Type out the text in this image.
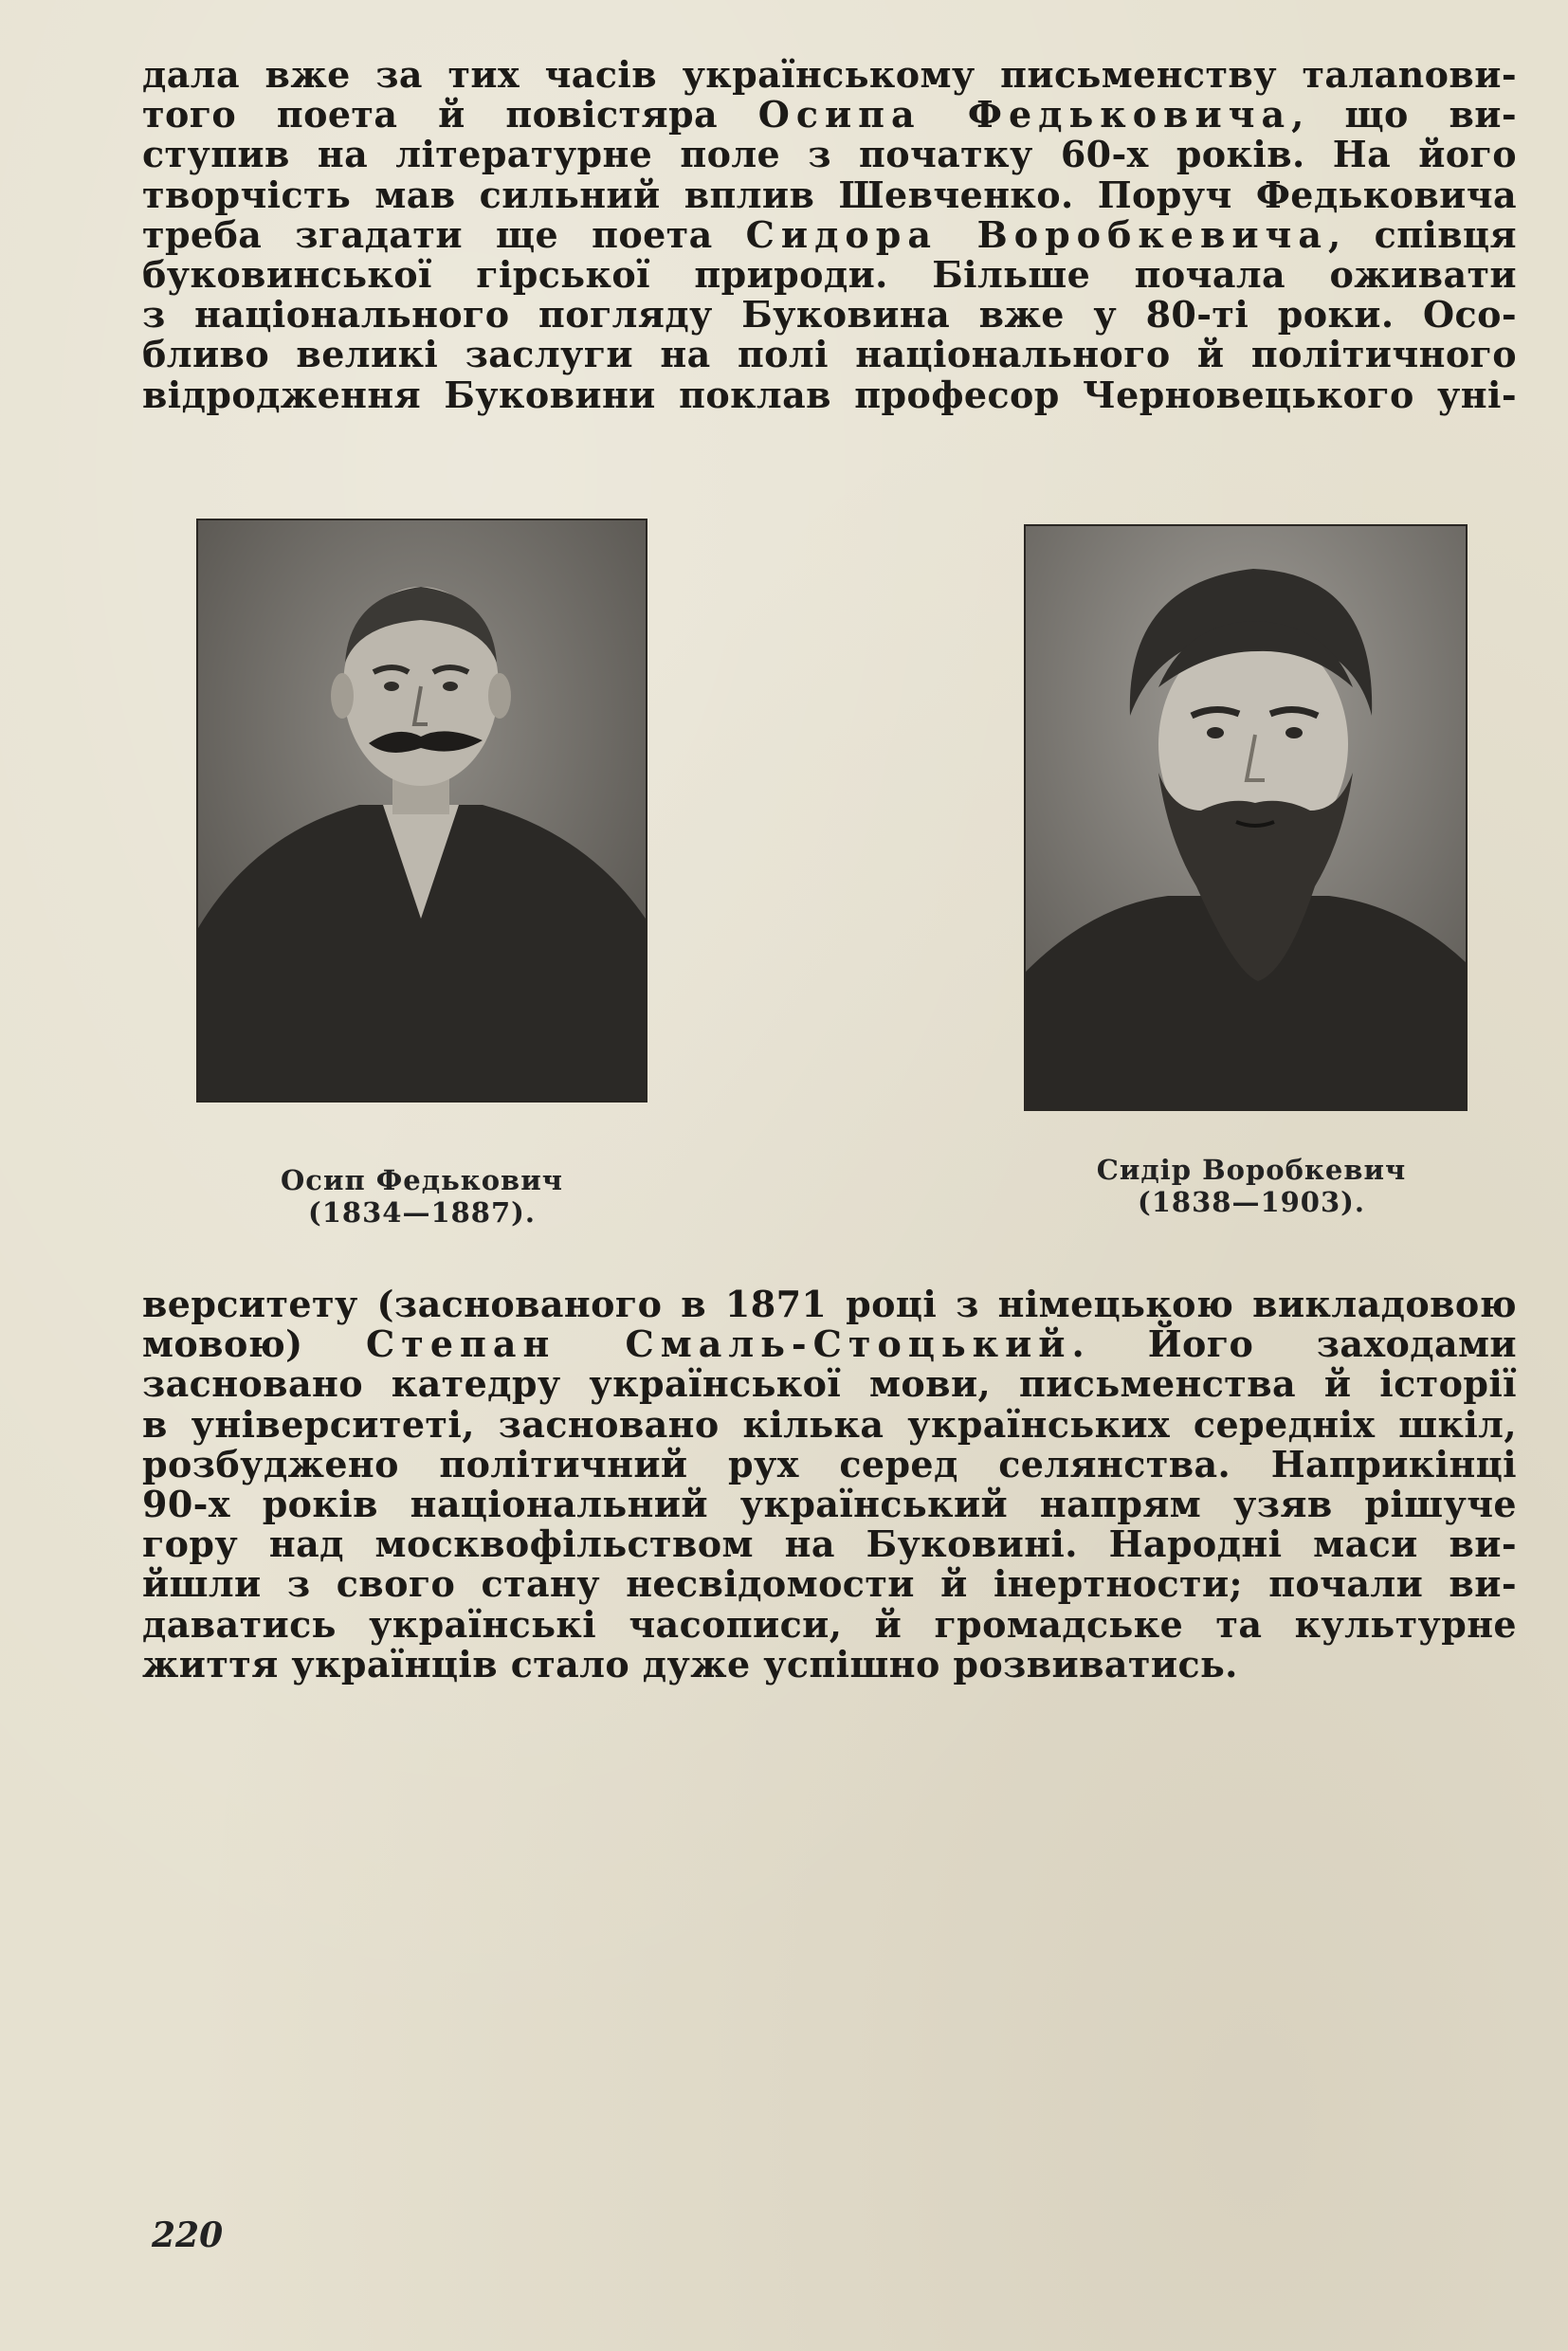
дала вже за тих часів українському письменству талanови-
того поета й повістяра Осипа Федьковича, що ви-
ступив на літературне поле з початку 60-х років. На його
творчість мав сильний вплив Шевченко. Поруч Федьковича
треба згадати ще поета Сидора Воробкевича, співця
буковинської гірської природи. Більше почала оживати
з національного погляду Буковина вже у 80-ті роки. Осо-
бливо великі заслуги на полі національного й політичного
відродження Буковини поклав професор Черновецького уні-
Осип Федькович
(1834—1887).
Сидір Воробкевич
(1838—1903).
верситету (заснованого в 1871 році з німецькою викладовою
мовою) Степан Смаль-Стоцький. Його заходами
засновано катедру української мови, письменства й історії
в університеті, засновано кілька українських середніх шкіл,
розбуджено політичний рух серед селянства. Наприкінці
90-х років національний український напрям узяв рішуче
гору над москвофільством на Буковині. Народні маси ви-
йшли з свого стану несвідомости й інертности; почали ви-
даватись українські часописи, й громадське та культурне
життя українців стало дуже успішно розвиватись.
220
